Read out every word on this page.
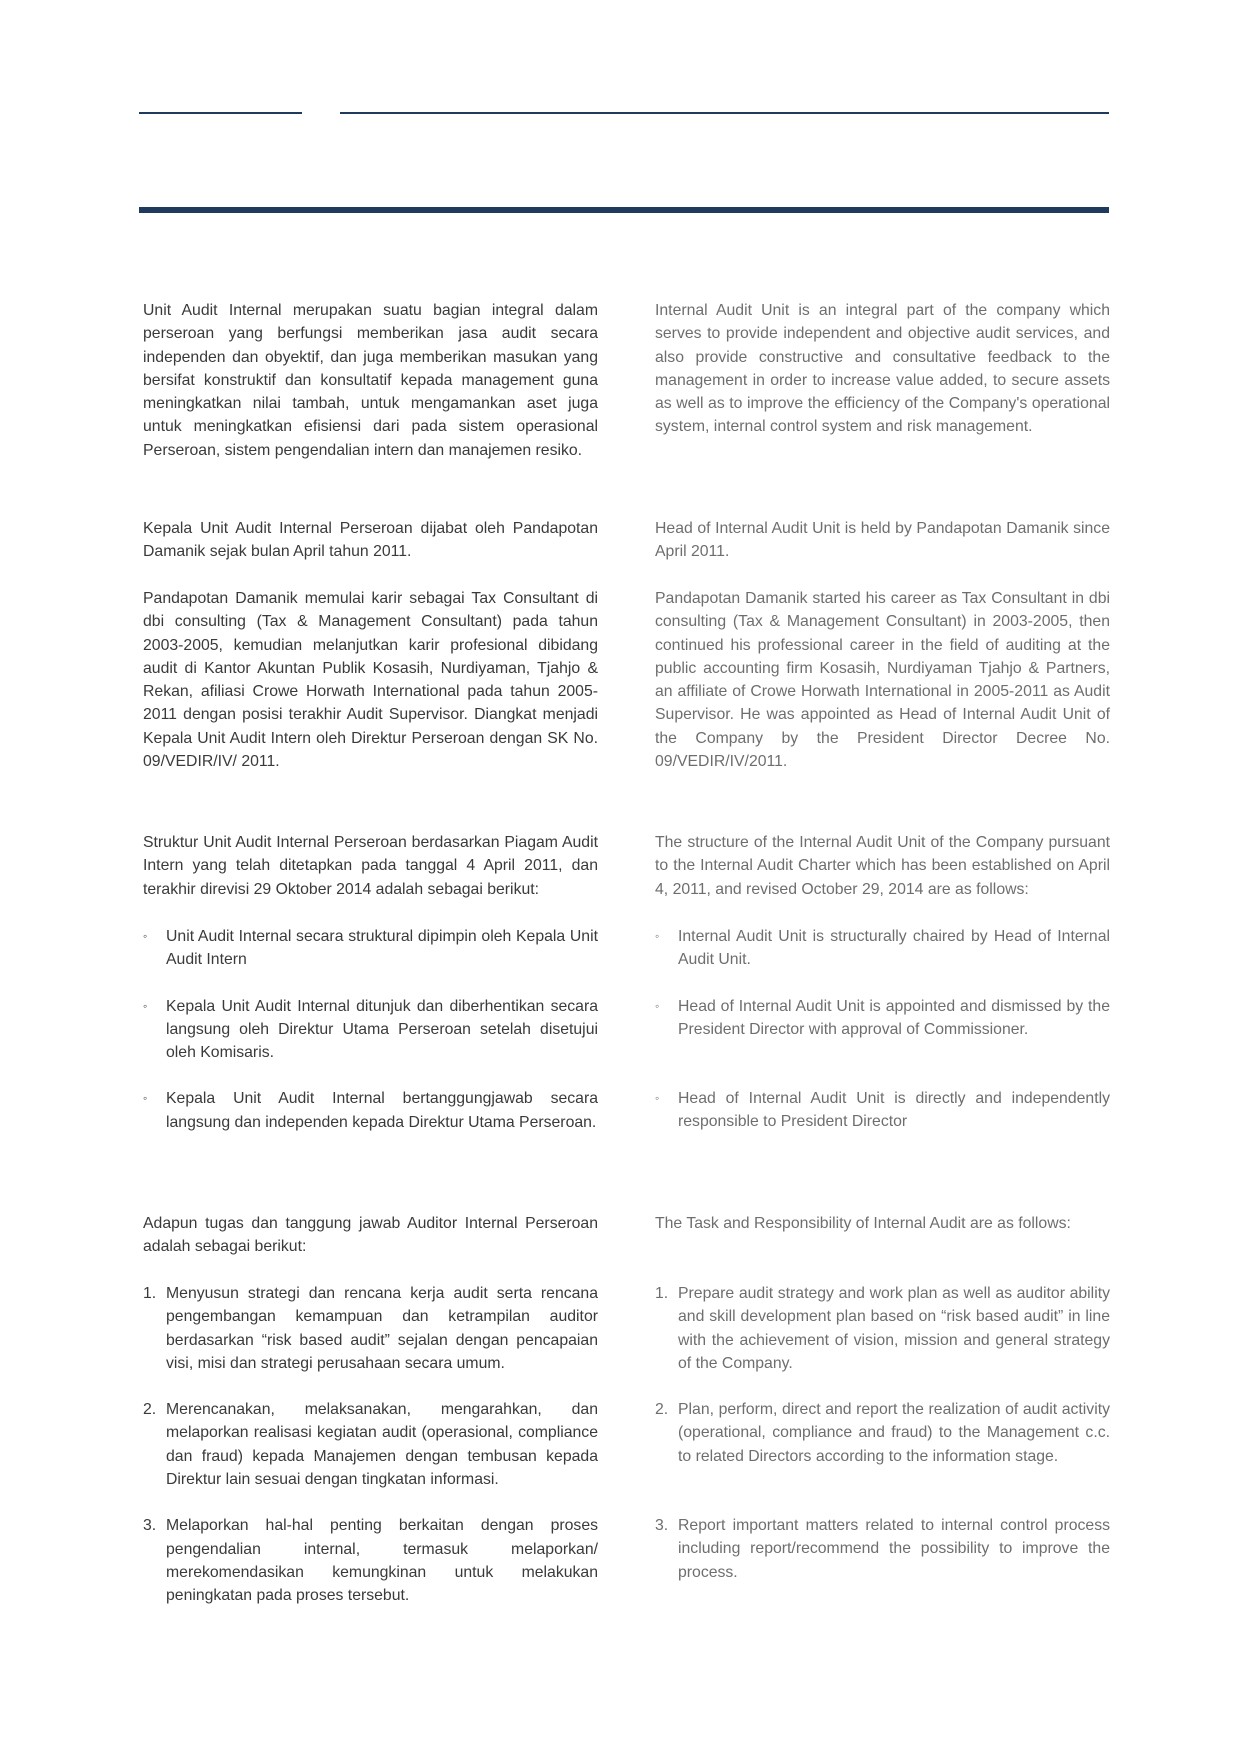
Unit Audit Internal merupakan suatu bagian integral dalam perseroan yang berfungsi memberikan jasa audit secara independen dan obyektif, dan juga memberikan masukan yang bersifat konstruktif dan konsultatif kepada management guna meningkatkan nilai tambah, untuk mengamankan aset juga untuk meningkatkan efisiensi dari pada sistem operasional Perseroan, sistem pengendalian intern dan manajemen resiko.

Kepala Unit Audit Internal Perseroan dijabat oleh Pandapotan Damanik sejak bulan April tahun 2011.

Pandapotan Damanik memulai karir sebagai Tax Consultant di dbi consulting (Tax & Management Consultant) pada tahun 2003-2005, kemudian melanjutkan karir profesional dibidang audit di Kantor Akuntan Publik Kosasih, Nurdiyaman, Tjahjo & Rekan, afiliasi Crowe Horwath International pada tahun 2005-2011 dengan posisi terakhir Audit Supervisor. Diangkat menjadi Kepala Unit Audit Intern oleh Direktur Perseroan dengan SK No. 09/VEDIR/IV/ 2011.

Struktur Unit Audit Internal Perseroan berdasarkan Piagam Audit Intern yang telah ditetapkan pada tanggal 4 April 2011, dan terakhir direvisi 29 Oktober 2014 adalah sebagai berikut:

◦ Unit Audit Internal secara struktural dipimpin oleh Kepala Unit Audit Intern
◦ Kepala Unit Audit Internal ditunjuk dan diberhentikan secara langsung oleh Direktur Utama Perseroan setelah disetujui oleh Komisaris.
◦ Kepala Unit Audit Internal bertanggungjawab secara langsung dan independen kepada Direktur Utama Perseroan.

Adapun tugas dan tanggung jawab Auditor Internal Perseroan adalah sebagai berikut:

1. Menyusun strategi dan rencana kerja audit serta rencana pengembangan kemampuan dan ketrampilan auditor berdasarkan “risk based audit” sejalan dengan pencapaian visi, misi dan strategi perusahaan secara umum.
2. Merencanakan, melaksanakan, mengarahkan, dan melaporkan realisasi kegiatan audit (operasional, compliance dan fraud) kepada Manajemen dengan tembusan kepada Direktur lain sesuai dengan tingkatan informasi.
3. Melaporkan hal-hal penting berkaitan dengan proses pengendalian internal, termasuk melaporkan/ merekomendasikan kemungkinan untuk melakukan peningkatan pada proses tersebut.

Internal Audit Unit is an integral part of the company which serves to provide independent and objective audit services, and also provide constructive and consultative feedback to the management in order to increase value added, to secure assets as well as to improve the efficiency of the Company's operational system, internal control system and risk management.

Head of Internal Audit Unit is held by Pandapotan Damanik since April 2011.

Pandapotan Damanik started his career as Tax Consultant in dbi consulting (Tax & Management Consultant) in 2003-2005, then continued his professional career in the field of auditing at the public accounting firm Kosasih, Nurdiyaman Tjahjo & Partners, an affiliate of Crowe Horwath International in 2005-2011 as Audit Supervisor. He was appointed as Head of Internal Audit Unit of the Company by the President Director Decree No. 09/VEDIR/IV/2011.

The structure of the Internal Audit Unit of the Company pursuant to the Internal Audit Charter which has been established on April 4, 2011, and revised October 29, 2014 are as follows:

◦ Internal Audit Unit is structurally chaired by Head of Internal Audit Unit.
◦ Head of Internal Audit Unit is appointed and dismissed by the President Director with approval of Commissioner.
◦ Head of Internal Audit Unit is directly and independently responsible to President Director

The Task and Responsibility of Internal Audit are as follows:

1. Prepare audit strategy and work plan as well as auditor ability and skill development plan based on “risk based audit” in line with the achievement of vision, mission and general strategy of the Company.
2. Plan, perform, direct and report the realization of audit activity (operational, compliance and fraud) to the Management c.c. to related Directors according to the information stage.
3. Report important matters related to internal control process including report/recommend the possibility to improve the process.
